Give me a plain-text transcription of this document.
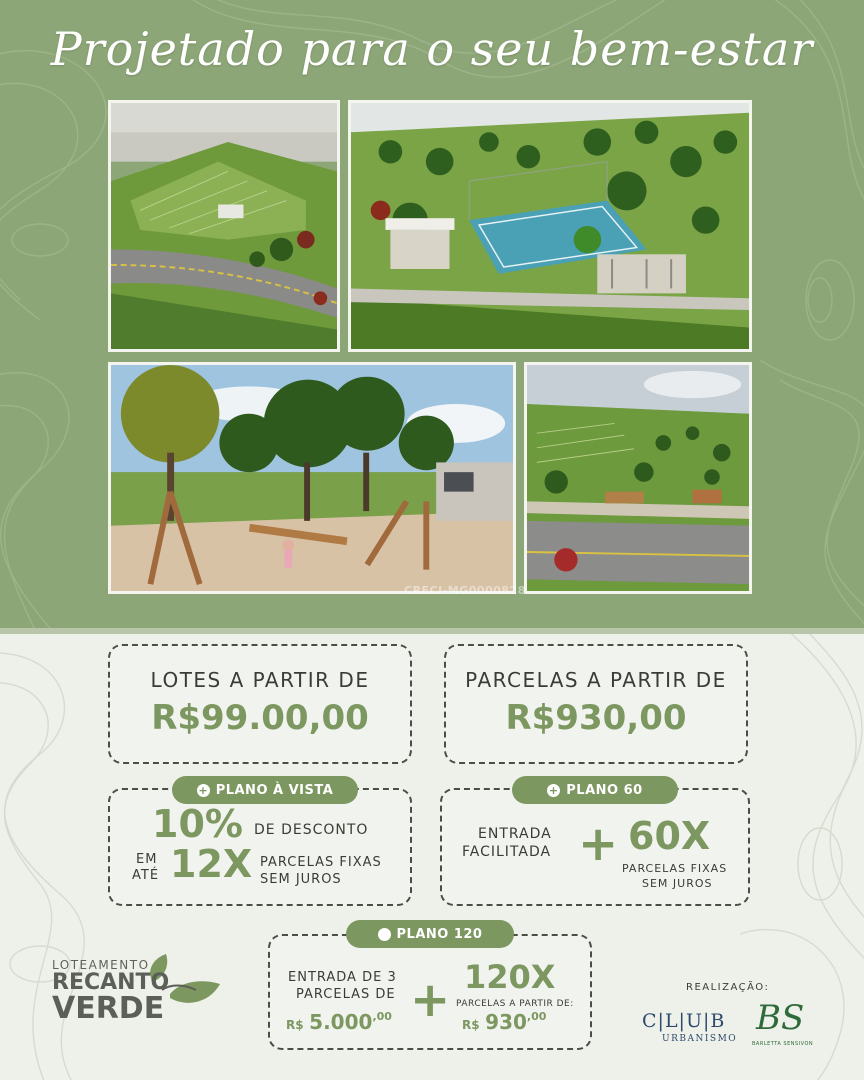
Projetado para o seu bem-estar
CRECI-MG0000828
LOTES A PARTIR DE
R$99.00,00
PARCELAS A PARTIR DE
R$930,00
+ PLANO À VISTA
10% DE DESCONTO
EM
ATÉ 12X PARCELAS FIXAS
SEM JUROS
+ PLANO 60
ENTRADA
FACILITADA + 60X
PARCELAS FIXAS
SEM JUROS
PLANO 120
ENTRADA DE 3
PARCELAS DE
R$ $5.000^{,00} + 120X$
PARCELAS A PARTIR DE:
R$ $930^{,00}$
LOTEAMENTO
RECANTO
VERDE
REALIZAÇÃO:
C|L|U|B
URBANISMO
BS
BARLETTA SENSIVON
